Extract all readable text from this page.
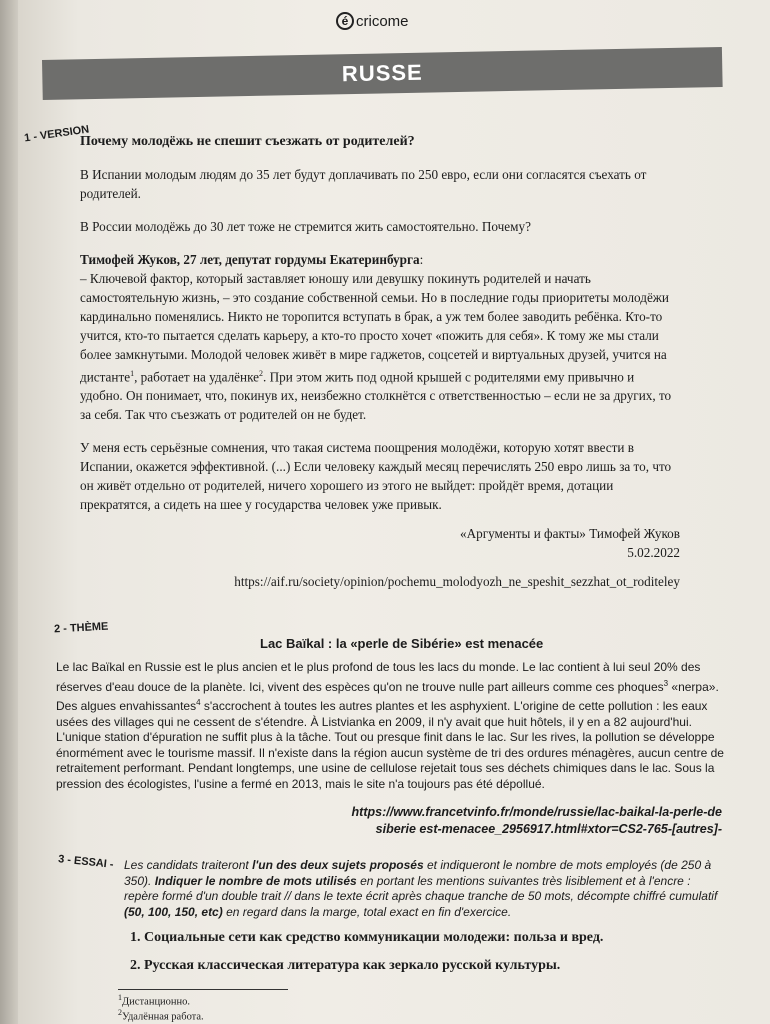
é cricome
RUSSE
1 - VERSION

Почему молодёжь не спешит съезжать от родителей?

В Испании молодым людям до 35 лет будут доплачивать по 250 евро, если они согласятся съехать от родителей.

В России молодёжь до 30 лет тоже не стремится жить самостоятельно. Почему?

Тимофей Жуков, 27 лет, депутат гордумы Екатеринбурга:
– Ключевой фактор, который заставляет юношу или девушку покинуть родителей и начать самостоятельную жизнь, – это создание собственной семьи. Но в последние годы приоритеты молодёжи кардинально поменялись. Никто не торопится вступать в брак, а уж тем более заводить ребёнка. Кто-то учится, кто-то пытается сделать карьеру, а кто-то просто хочет «пожить для себя». К тому же мы стали более замкнутыми. Молодой человек живёт в мире гаджетов, соцсетей и виртуальных друзей, учится на дистанте$^1$, работает на удалёнке$^2$. При этом жить под одной крышей с родителями ему привычно и удобно. Он понимает, что, покинув их, неизбежно столкнётся с ответственностью – если не за других, то за себя. Так что съезжать от родителей он не будет.

У меня есть серьёзные сомнения, что такая система поощрения молодёжи, которую хотят ввести в Испании, окажется эффективной. (...) Если человеку каждый месяц перечислять 250 евро лишь за то, что он живёт отдельно от родителей, ничего хорошего из этого не выйдет: пройдёт время, дотации прекратятся, а сидеть на шее у государства человек уже привык.

«Аргументы и факты» Тимофей Жуков

5.02.2022

https://aif.ru/society/opinion/pochemu_molodyozh_ne_speshit_sezzhat_ot_roditeley

2 - THÈME
Lac Baïkal : la «perle de Sibérie» est menacée
Le lac Baïkal en Russie est le plus ancien et le plus profond de tous les lacs du monde. Le lac contient à lui seul 20% des réserves d'eau douce de la planète. Ici, vivent des espèces qu'on ne trouve nulle part ailleurs comme ces phoques$^3$ «nerpa». Des algues envahissantes$^4$ s'accrochent à toutes les autres plantes et les asphyxient. L'origine de cette pollution : les eaux usées des villages qui ne cessent de s'étendre. À Listvianka en 2009, il n'y avait que huit hôtels, il y en a 82 aujourd'hui. L'unique station d'épuration ne suffit plus à la tâche. Tout ou presque finit dans le lac. Sur les rives, la pollution se développe énormément avec le tourisme massif. Il n'existe dans la région aucun système de tri des ordures ménagères, aucun centre de retraitement performant. Pendant longtemps, une usine de cellulose rejetait tous ses déchets chimiques dans le lac. Sous la pression des écologistes, l'usine a fermé en 2013, mais le site n'a toujours pas été dépollué.
https://www.francetvinfo.fr/monde/russie/lac-baikal-la-perle-de siberie est-menacee_2956917.html#xtor=CS2-765-[autres]-
3 - ESSAI - Les candidats traiteront l'un des deux sujets proposés et indiqueront le nombre de mots employés (de 250 à 350). Indiquer le nombre de mots utilisés en portant les mentions suivantes très lisiblement et à l'encre : repère formé d'un double trait // dans le texte écrit après chaque tranche de 50 mots, décompte chiffré cumulatif (50, 100, 150, etc) en regard dans la marge, total exact en fin d'exercice.
1. Социальные сети как средство коммуникации молодежи: польза и вред.
2. Русская классическая литература как зеркало русской культуры.
$^1$Дистанционно.
$^2$Удалённая работа.
